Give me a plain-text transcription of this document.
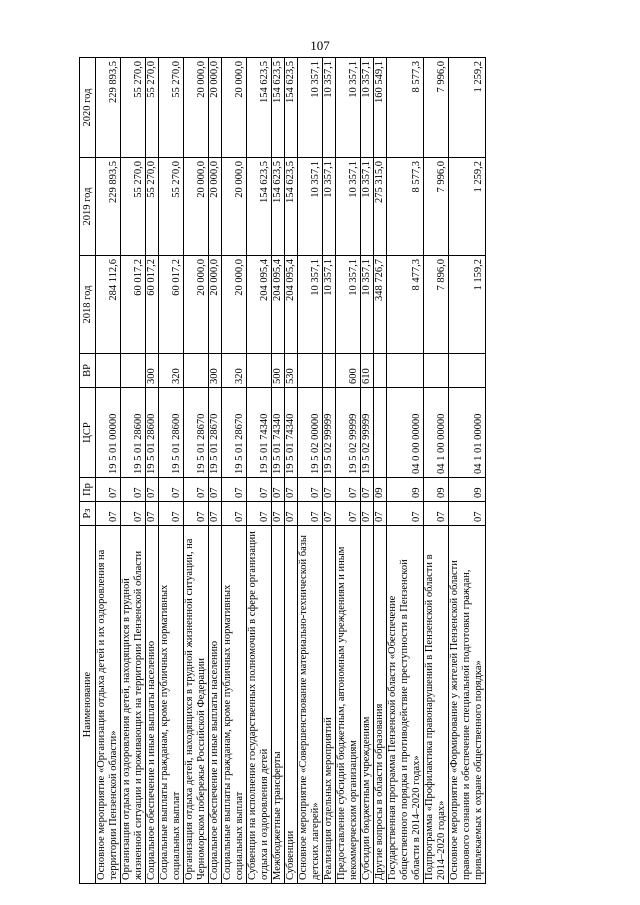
107
Наименование	Рз	Пр	ЦСР	ВР	2018 год	2019 год	2020 год
Основное мероприятие «Организация отдыха детей и их оздоровления на территории Пензенской области»	07	07	19 5 01 00000		284 112,6	229 893,5	229 893,5
Организация отдыха и оздоровления детей, находящихся в трудной жизненной ситуации и проживающих на территории Пензенской области	07	07	19 5 01 28600		60 017,2	55 270,0	55 270,0
Социальное обеспечение и иные выплаты населению	07	07	19 5 01 28600	300	60 017,2	55 270,0	55 270,0
Социальные выплаты гражданам, кроме публичных нормативных социальных выплат	07	07	19 5 01 28600	320	60 017,2	55 270,0	55 270,0
Организация отдыха детей, находящихся в трудной жизненной ситуации, на Черноморском побережье Российской Федерации	07	07	19 5 01 28670		20 000,0	20 000,0	20 000,0
Социальное обеспечение и иные выплаты населению	07	07	19 5 01 28670	300	20 000,0	20 000,0	20 000,0
Социальные выплаты гражданам, кроме публичных нормативных социальных выплат	07	07	19 5 01 28670	320	20 000,0	20 000,0	20 000,0
Субвенции на исполнение государственных полномочий в сфере организации отдыха и оздоровления детей	07	07	19 5 01 74340		204 095,4	154 623,5	154 623,5
Межбюджетные трансферты	07	07	19 5 01 74340	500	204 095,4	154 623,5	154 623,5
Субвенции	07	07	19 5 01 74340	530	204 095,4	154 623,5	154 623,5
Основное мероприятие «Совершенствование материально-технической базы детских лагерей»	07	07	19 5 02 00000		10 357,1	10 357,1	10 357,1
Реализация отдельных мероприятий	07	07	19 5 02 99999		10 357,1	10 357,1	10 357,1
Предоставление субсидий бюджетным, автономным учреждениям и иным некоммерческим организациям	07	07	19 5 02 99999	600	10 357,1	10 357,1	10 357,1
Субсидии бюджетным учреждениям	07	07	19 5 02 99999	610	10 357,1	10 357,1	10 357,1
Другие вопросы в области образования	07	09			348 726,7	275 315,0	160 549,1
Государственная программа Пензенской области «Обеспечение общественного порядка и противодействие преступности в Пензенской области в 2014–2020 годах»	07	09	04 0 00 00000		8 477,3	8 577,3	8 577,3
Подпрограмма «Профилактика правонарушений в Пензенской области в 2014–2020 годах»	07	09	04 1 00 00000		7 896,0	7 996,0	7 996,0
Основное мероприятие «Формирование у жителей Пензенской области правового сознания и обеспечение специальной подготовки граждан, привлекаемых к охране общественного порядка»	07	09	04 1 01 00000		1 159,2	1 259,2	1 259,2
